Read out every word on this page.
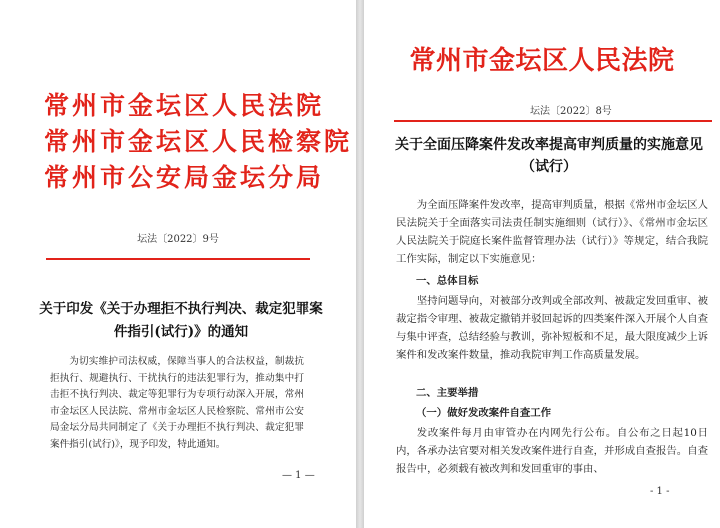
常州市金坛区人民法院
常州市金坛区人民检察院
常州市公安局金坛分局
坛法〔2022〕9号
关于印发《关于办理拒不执行判决、裁定犯罪案件指引(试行)》的通知
为切实维护司法权威，保障当事人的合法权益，制裁抗拒执行、规避执行、干扰执行的违法犯罪行为，推动集中打击拒不执行判决、裁定等犯罪行为专项行动深入开展，常州市金坛区人民法院、常州市金坛区人民检察院、常州市公安局金坛分局共同制定了《关于办理拒不执行判决、裁定犯罪案件指引(试行)》，现予印发，特此通知。
— 1 —
常州市金坛区人民法院
坛法〔2022〕8号
关于全面压降案件发改率提高审判质量的实施意见（试行）
为全面压降案件发改率，提高审判质量，根据《常州市金坛区人民法院关于全面落实司法责任制实施细则（试行）》、《常州市金坛区人民法院关于院庭长案件监督管理办法（试行）》等规定，结合我院工作实际，制定以下实施意见：
一、总体目标
坚持问题导向，对被部分改判或全部改判、被裁定发回重审、被裁定指令审理、被裁定撤销并驳回起诉的四类案件深入开展个人自查与集中评查，总结经验与教训，弥补短板和不足，最大限度减少上诉案件和发改案件数量，推动我院审判工作高质量发展。
二、主要举措
（一）做好发改案件自查工作
发改案件每月由审管办在内网先行公布。自公布之日起10日内，各承办法官要对相关发改案件进行自查，并形成自查报告。自查报告中，必须载有被改判和发回重审的事由、
- 1 -
